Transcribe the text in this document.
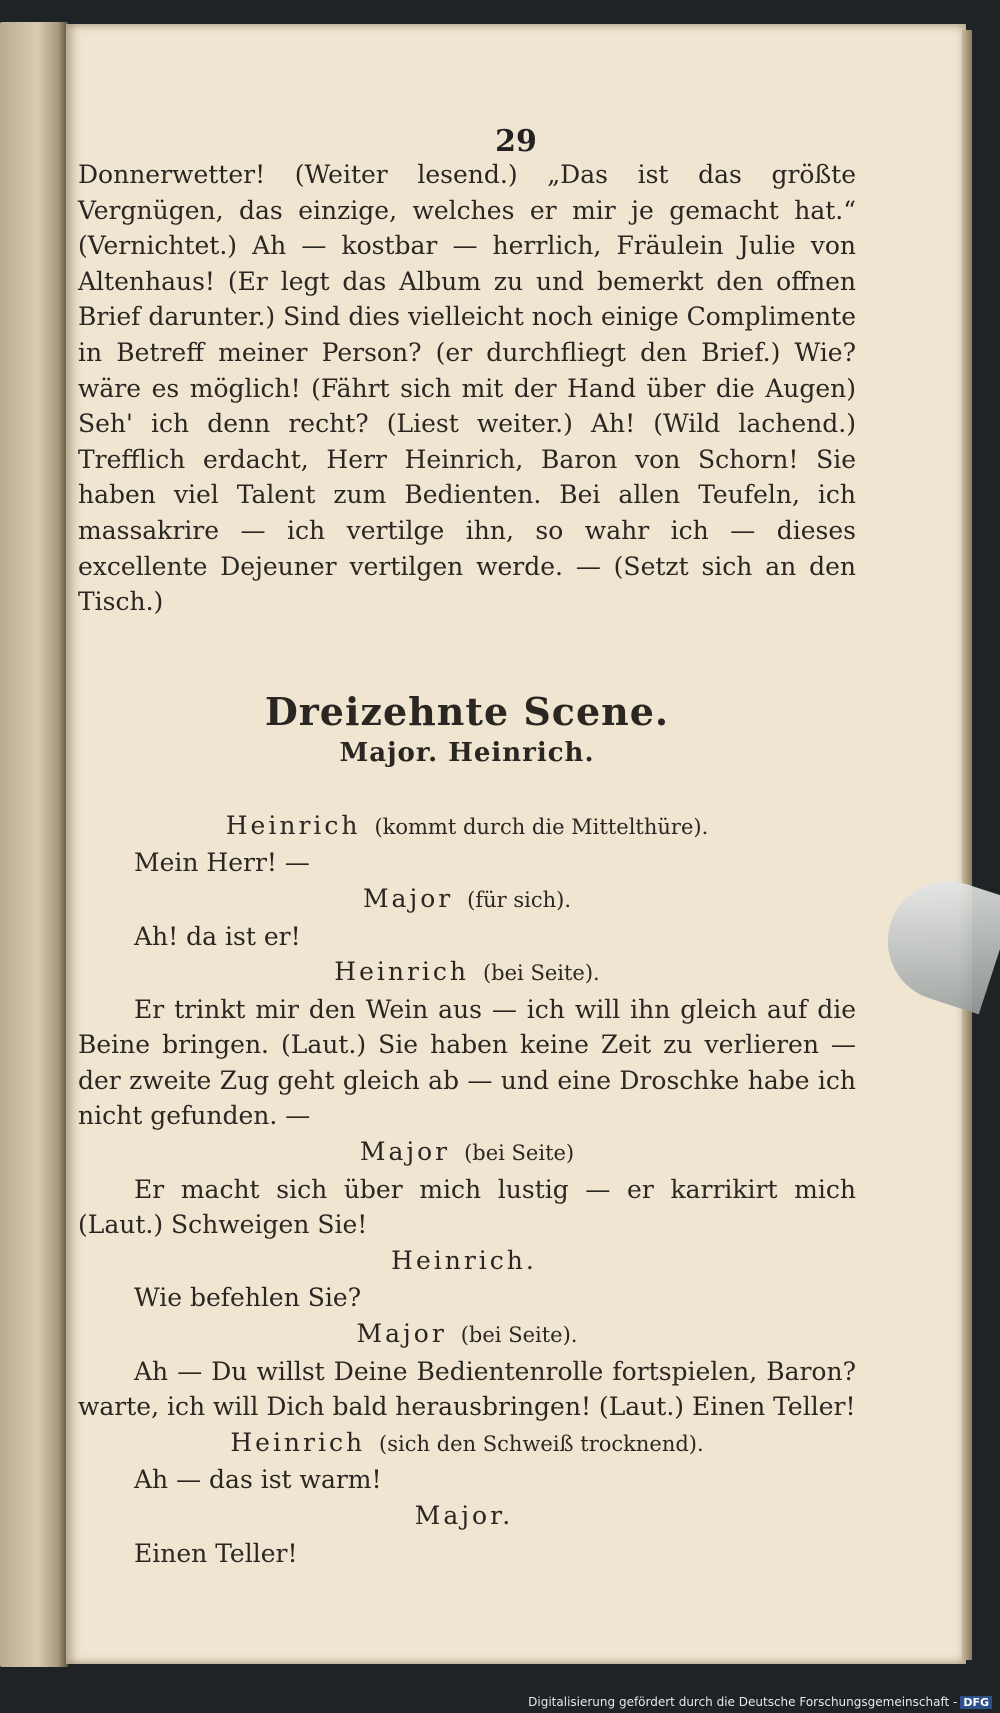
29

Donnerwetter! (Weiter lesend.) „Das ist das größte Vergnügen, das einzige, welches er mir je gemacht hat.“ (Vernichtet.) Ah — kostbar — herrlich, Fräulein Julie von Altenhaus! (Er legt das Album zu und bemerkt den offnen Brief darunter.) Sind dies vielleicht noch einige Complimente in Betreff meiner Person? (er durchfliegt den Brief.) Wie? wäre es möglich! (Fährt sich mit der Hand über die Augen) Seh' ich denn recht? (Liest weiter.) Ah! (Wild lachend.) Trefflich erdacht, Herr Heinrich, Baron von Schorn! Sie haben viel Talent zum Bedienten. Bei allen Teufeln, ich massakrire — ich vertilge ihn, so wahr ich — dieses excellente Dejeuner vertilgen werde. — (Setzt sich an den Tisch.)

Dreizehnte Scene.
Major. Heinrich.
Heinrich (kommt durch die Mittelthüre).
Mein Herr! —
Major (für sich).
Ah! da ist er!
Heinrich (bei Seite).
Er trinkt mir den Wein aus — ich will ihn gleich auf die Beine bringen. (Laut.) Sie haben keine Zeit zu verlieren — der zweite Zug geht gleich ab — und eine Droschke habe ich nicht gefunden. —
Major (bei Seite)
Er macht sich über mich lustig — er karrikirt mich (Laut.) Schweigen Sie!
Heinrich.
Wie befehlen Sie?
Major (bei Seite).
Ah — Du willst Deine Bedientenrolle fortspielen, Baron? warte, ich will Dich bald herausbringen! (Laut.) Einen Teller!
Heinrich (sich den Schweiß trocknend).
Ah — das ist warm!
Major.
Einen Teller!
Digitalisierung gefördert durch die Deutsche Forschungsgemeinschaft - DFG
